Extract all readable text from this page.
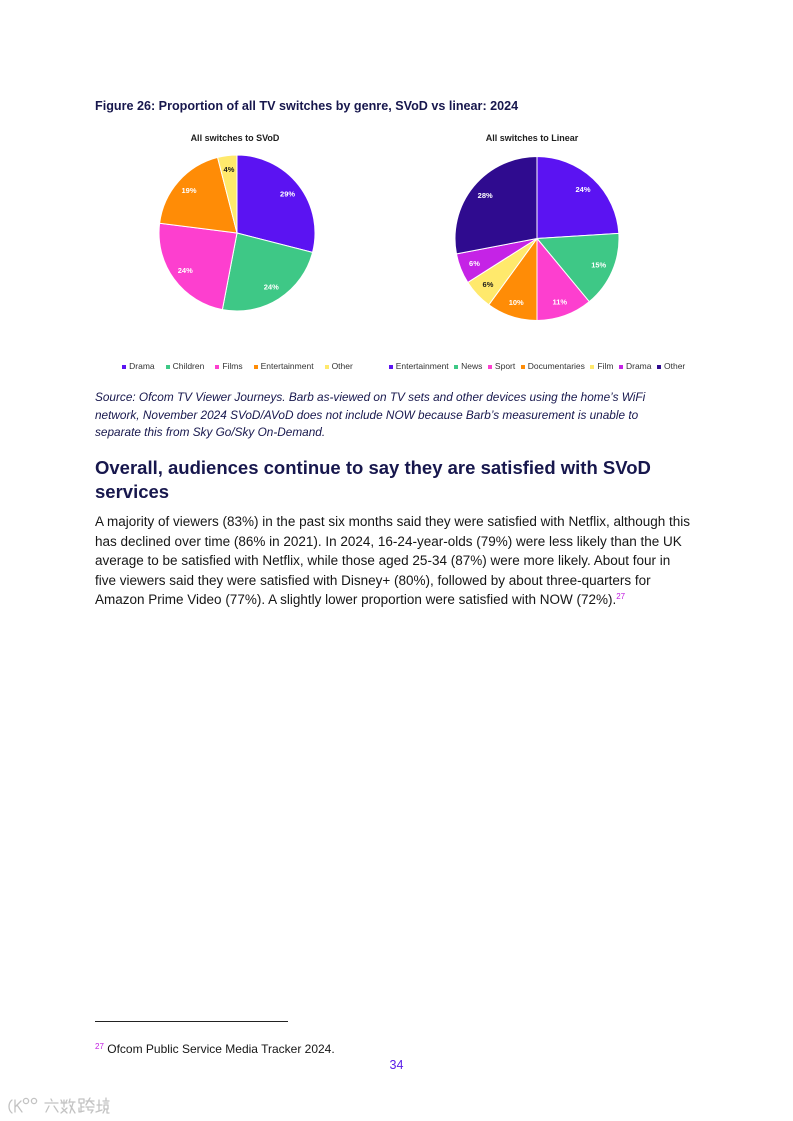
Figure 26: Proportion of all TV switches by genre, SVoD vs linear: 2024
All switches to SVoD	All switches to Linear
29%
24%
24%
19%
4%
24%
15%
11%
10%
6%
6%
28%
Drama Children Films Entertainment Other	Entertainment News Sport Documentaries Film Drama Other
Source: Ofcom TV Viewer Journeys. Barb as-viewed on TV sets and other devices using the home’s WiFi
network, November 2024 SVoD/AVoD does not include NOW because Barb’s measurement is unable to
separate this from Sky Go/Sky On-Demand.
Overall, audiences continue to say they are satisfied with SVoD
services
A majority of viewers (83%) in the past six months said they were satisfied with Netflix, although this
has declined over time (86% in 2021). In 2024, 16-24-year-olds (79%) were less likely than the UK
average to be satisfied with Netflix, while those aged 25-34 (87%) were more likely. About four in
five viewers said they were satisfied with Disney+ (80%), followed by about three-quarters for
Amazon Prime Video (77%). A slightly lower proportion were satisfied with NOW (72%).$^{27}$
$^{27}$ Ofcom Public Service Media Tracker 2024.
34
